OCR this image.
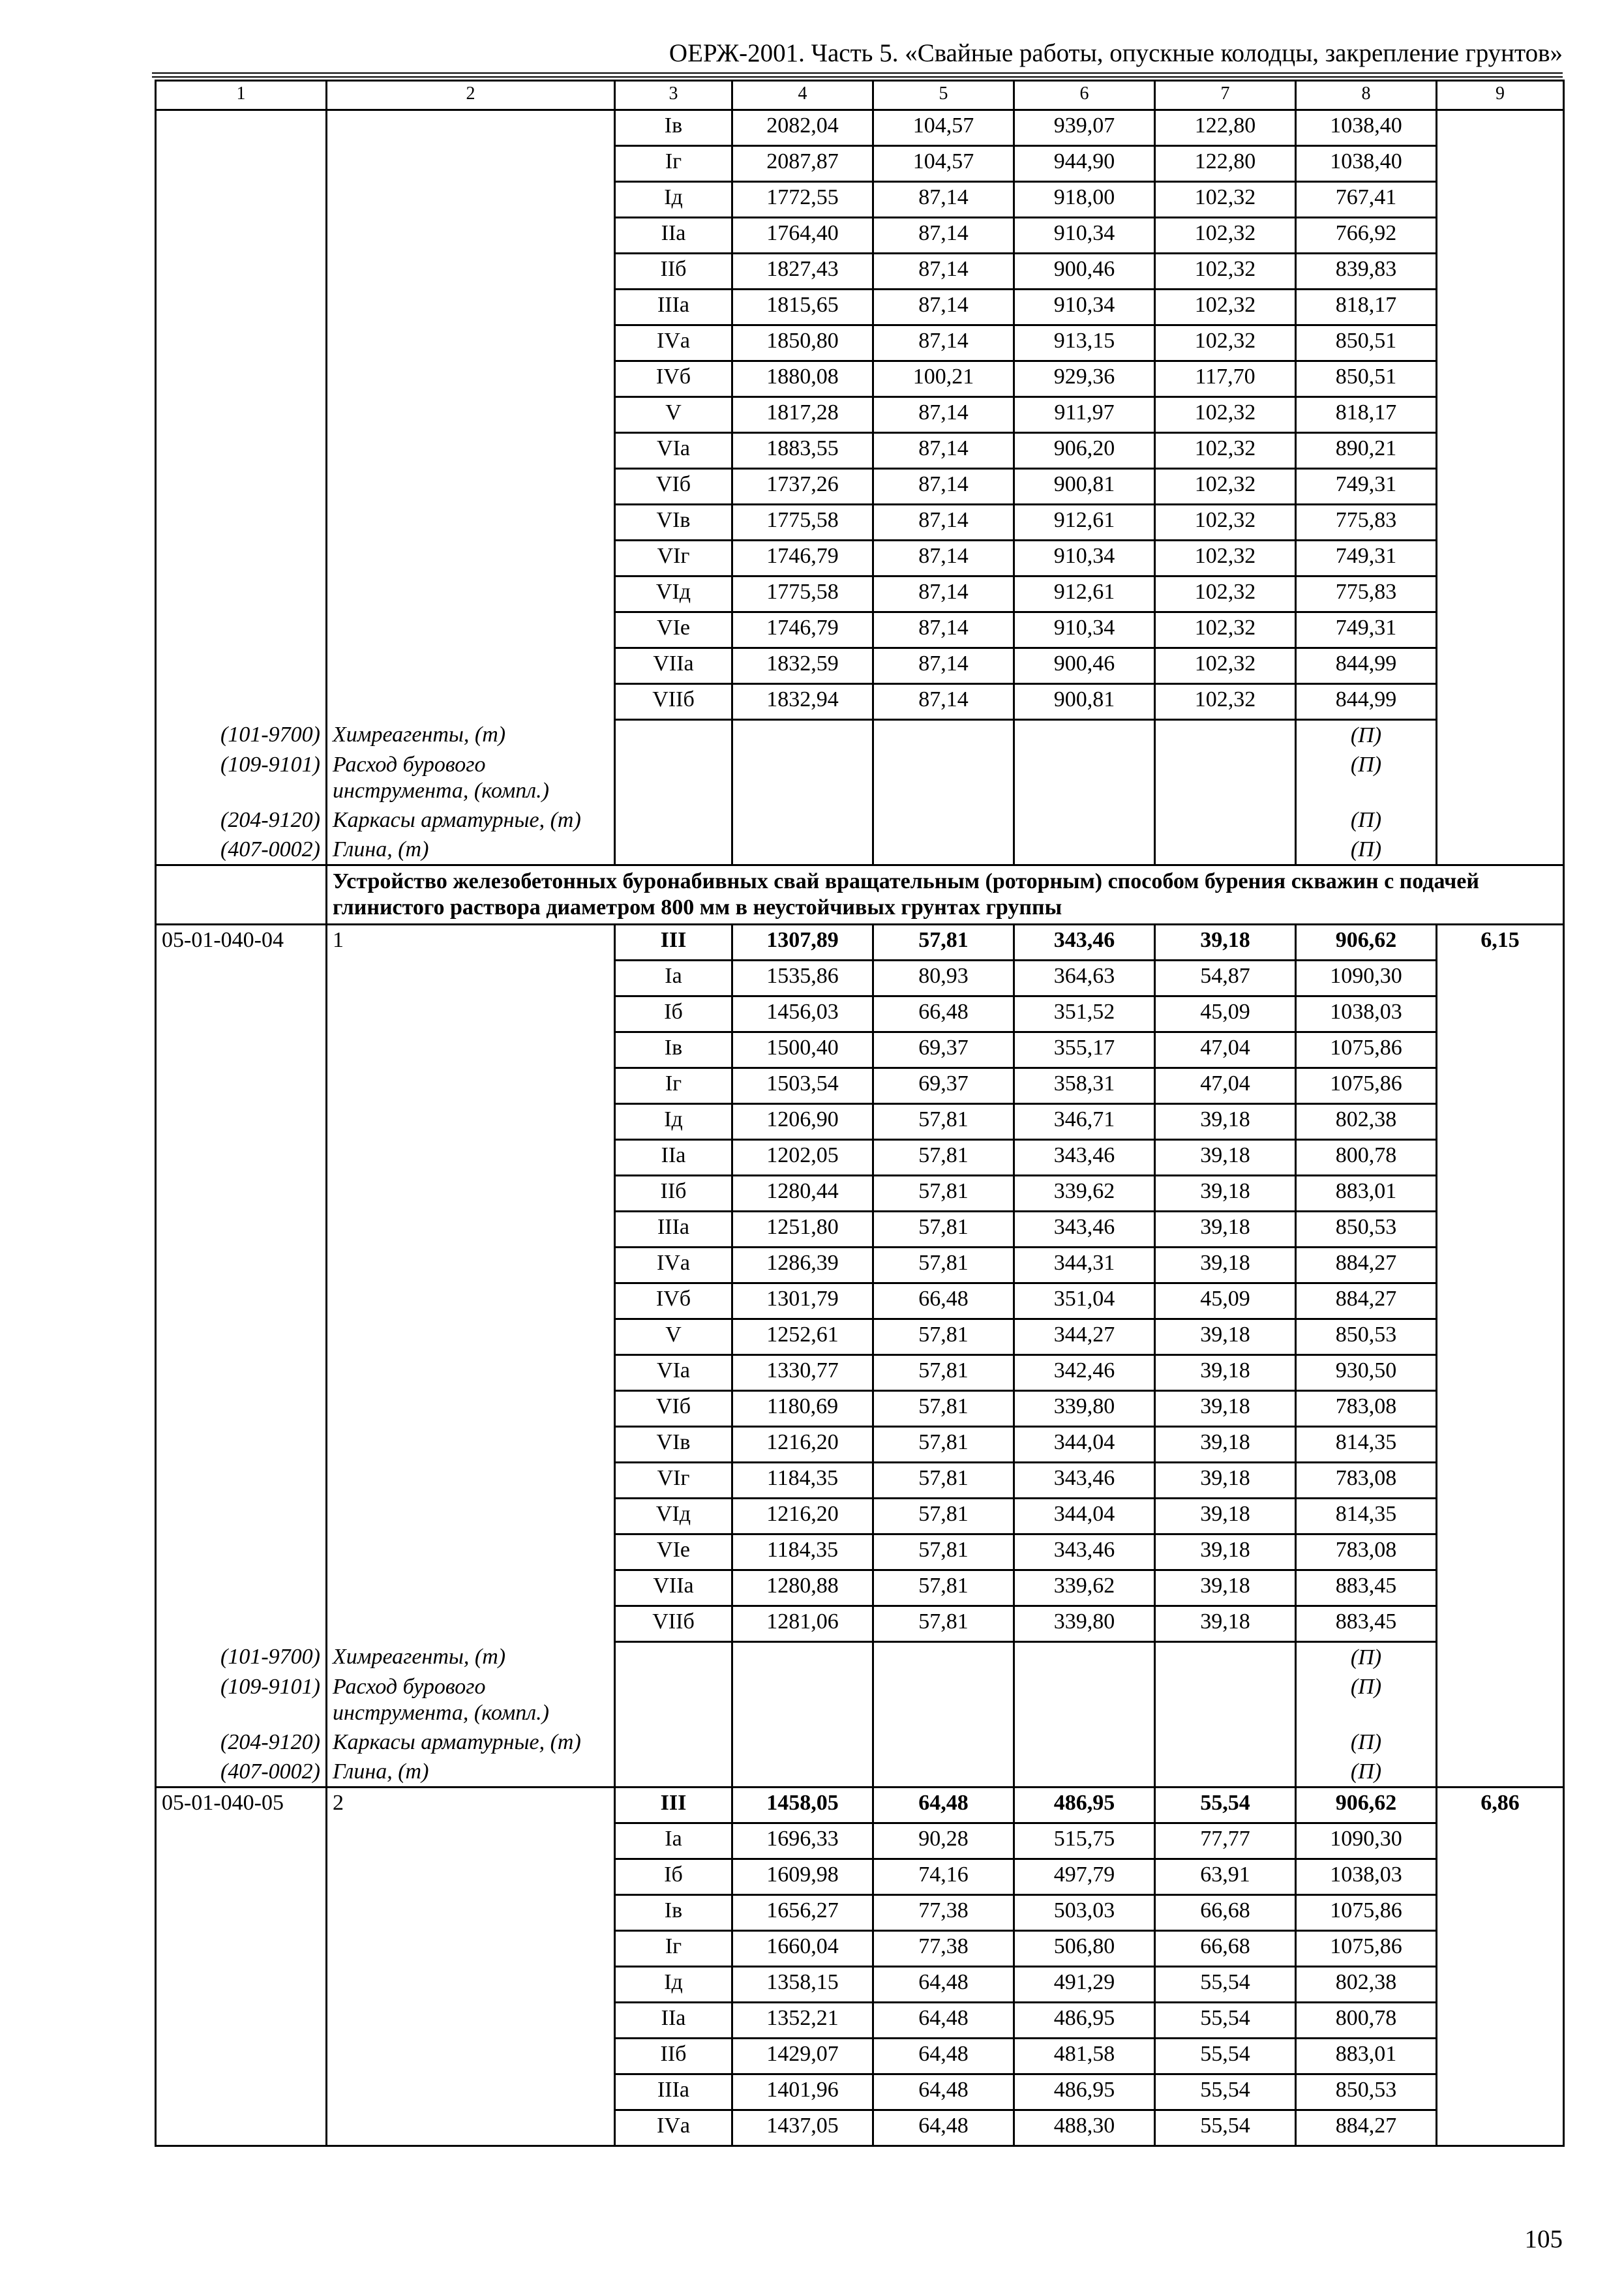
ОЕРЖ-2001. Часть 5. «Свайные работы, опускные колодцы, закрепление грунтов»
1	2	3	4	5	6	7	8	9
		Iв	2082,04	104,57	939,07	122,80	1038,40	
		Iг	2087,87	104,57	944,90	122,80	1038,40	
		Iд	1772,55	87,14	918,00	102,32	767,41	
		IIа	1764,40	87,14	910,34	102,32	766,92	
		IIб	1827,43	87,14	900,46	102,32	839,83	
		IIIа	1815,65	87,14	910,34	102,32	818,17	
		IVа	1850,80	87,14	913,15	102,32	850,51	
		IVб	1880,08	100,21	929,36	117,70	850,51	
		V	1817,28	87,14	911,97	102,32	818,17	
		VIа	1883,55	87,14	906,20	102,32	890,21	
		VIб	1737,26	87,14	900,81	102,32	749,31	
		VIв	1775,58	87,14	912,61	102,32	775,83	
		VIг	1746,79	87,14	910,34	102,32	749,31	
		VIд	1775,58	87,14	912,61	102,32	775,83	
		VIе	1746,79	87,14	910,34	102,32	749,31	
		VIIа	1832,59	87,14	900,46	102,32	844,99	
		VIIб	1832,94	87,14	900,81	102,32	844,99	
(101-9700)	Химреагенты, (т)						(П)	
(109-9101)	Расход бурового инструмента, (компл.)						(П)	
(204-9120)	Каркасы арматурные, (т)						(П)	
(407-0002)	Глина, (т)						(П)	
	Устройство железобетонных буронабивных свай вращательным (роторным) способом бурения скважин с подачей глинистого раствора диаметром 800 мм в неустойчивых грунтах группы							
05-01-040-04	1	III	1307,89	57,81	343,46	39,18	906,62	6,15
		Iа	1535,86	80,93	364,63	54,87	1090,30	
		Iб	1456,03	66,48	351,52	45,09	1038,03	
		Iв	1500,40	69,37	355,17	47,04	1075,86	
		Iг	1503,54	69,37	358,31	47,04	1075,86	
		Iд	1206,90	57,81	346,71	39,18	802,38	
		IIа	1202,05	57,81	343,46	39,18	800,78	
		IIб	1280,44	57,81	339,62	39,18	883,01	
		IIIа	1251,80	57,81	343,46	39,18	850,53	
		IVа	1286,39	57,81	344,31	39,18	884,27	
		IVб	1301,79	66,48	351,04	45,09	884,27	
		V	1252,61	57,81	344,27	39,18	850,53	
		VIа	1330,77	57,81	342,46	39,18	930,50	
		VIб	1180,69	57,81	339,80	39,18	783,08	
		VIв	1216,20	57,81	344,04	39,18	814,35	
		VIг	1184,35	57,81	343,46	39,18	783,08	
		VIд	1216,20	57,81	344,04	39,18	814,35	
		VIе	1184,35	57,81	343,46	39,18	783,08	
		VIIа	1280,88	57,81	339,62	39,18	883,45	
		VIIб	1281,06	57,81	339,80	39,18	883,45	
(101-9700)	Химреагенты, (т)						(П)	
(109-9101)	Расход бурового инструмента, (компл.)						(П)	
(204-9120)	Каркасы арматурные, (т)						(П)	
(407-0002)	Глина, (т)						(П)	
05-01-040-05	2	III	1458,05	64,48	486,95	55,54	906,62	6,86
		Iа	1696,33	90,28	515,75	77,77	1090,30	
		Iб	1609,98	74,16	497,79	63,91	1038,03	
		Iв	1656,27	77,38	503,03	66,68	1075,86	
		Iг	1660,04	77,38	506,80	66,68	1075,86	
		Iд	1358,15	64,48	491,29	55,54	802,38	
		IIа	1352,21	64,48	486,95	55,54	800,78	
		IIб	1429,07	64,48	481,58	55,54	883,01	
		IIIа	1401,96	64,48	486,95	55,54	850,53	
		IVа	1437,05	64,48	488,30	55,54	884,27	
105
